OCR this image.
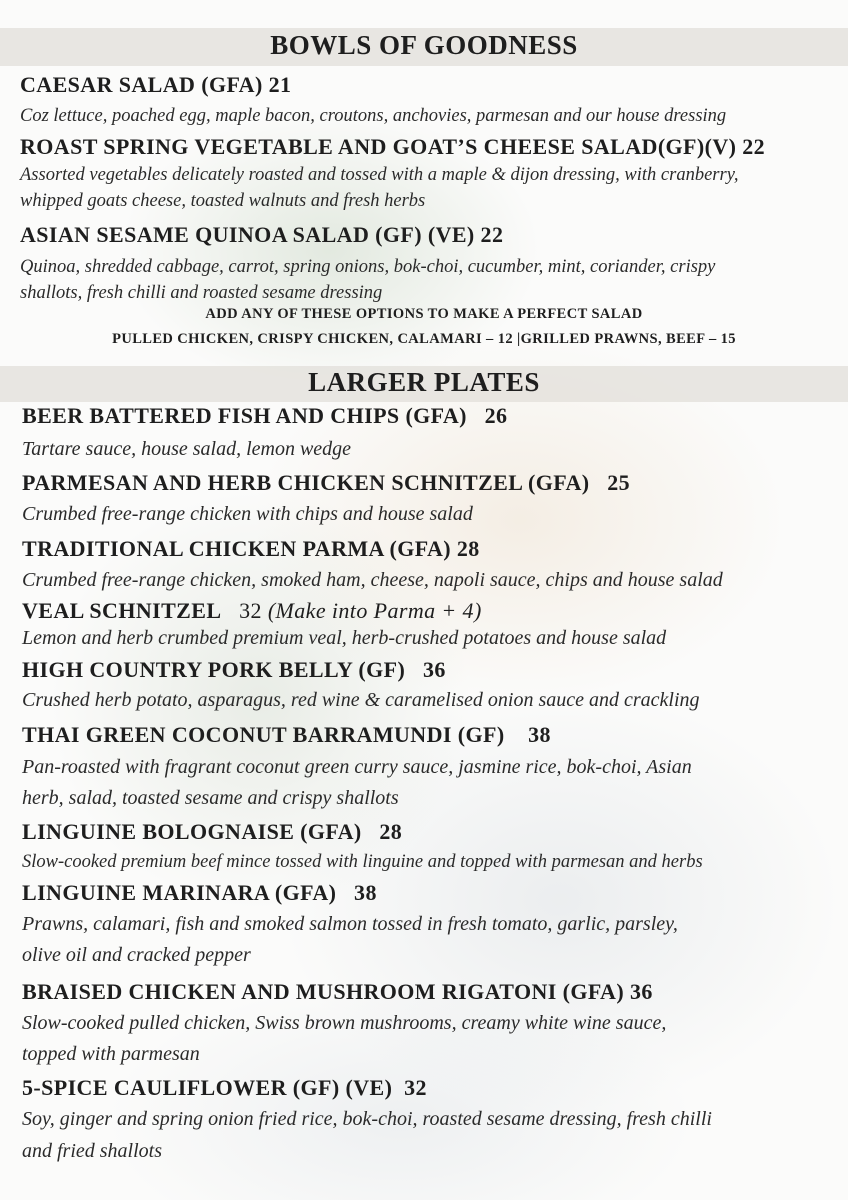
BOWLS OF GOODNESS
CAESAR SALAD (GFA) 21
Coz lettuce, poached egg, maple bacon, croutons, anchovies, parmesan and our house dressing
ROAST SPRING VEGETABLE AND GOAT’S CHEESE SALAD(GF)(V) 22
Assorted vegetables delicately roasted and tossed with a maple & dijon dressing, with cranberry,
whipped goats cheese, toasted walnuts and fresh herbs
ASIAN SESAME QUINOA SALAD (GF) (VE) 22
Quinoa, shredded cabbage, carrot, spring onions, bok-choi, cucumber, mint, coriander, crispy
shallots, fresh chilli and roasted sesame dressing
ADD ANY OF THESE OPTIONS TO MAKE A PERFECT SALAD
PULLED CHICKEN, CRISPY CHICKEN, CALAMARI – 12 |GRILLED PRAWNS, BEEF – 15
LARGER PLATES
BEER BATTERED FISH AND CHIPS (GFA) 26
Tartare sauce, house salad, lemon wedge
PARMESAN AND HERB CHICKEN SCHNITZEL (GFA) 25
Crumbed free-range chicken with chips and house salad
TRADITIONAL CHICKEN PARMA (GFA) 28
Crumbed free-range chicken, smoked ham, cheese, napoli sauce, chips and house salad
VEAL SCHNITZEL 32 (Make into Parma + 4)
Lemon and herb crumbed premium veal, herb-crushed potatoes and house salad
HIGH COUNTRY PORK BELLY (GF) 36
Crushed herb potato, asparagus, red wine & caramelised onion sauce and crackling
THAI GREEN COCONUT BARRAMUNDI (GF) 38
Pan-roasted with fragrant coconut green curry sauce, jasmine rice, bok-choi, Asian
herb, salad, toasted sesame and crispy shallots
LINGUINE BOLOGNAISE (GFA) 28
Slow-cooked premium beef mince tossed with linguine and topped with parmesan and herbs
LINGUINE MARINARA (GFA) 38
Prawns, calamari, fish and smoked salmon tossed in fresh tomato, garlic, parsley,
olive oil and cracked pepper
BRAISED CHICKEN AND MUSHROOM RIGATONI (GFA) 36
Slow-cooked pulled chicken, Swiss brown mushrooms, creamy white wine sauce,
topped with parmesan
5-SPICE CAULIFLOWER (GF) (VE) 32
Soy, ginger and spring onion fried rice, bok-choi, roasted sesame dressing, fresh chilli
and fried shallots
